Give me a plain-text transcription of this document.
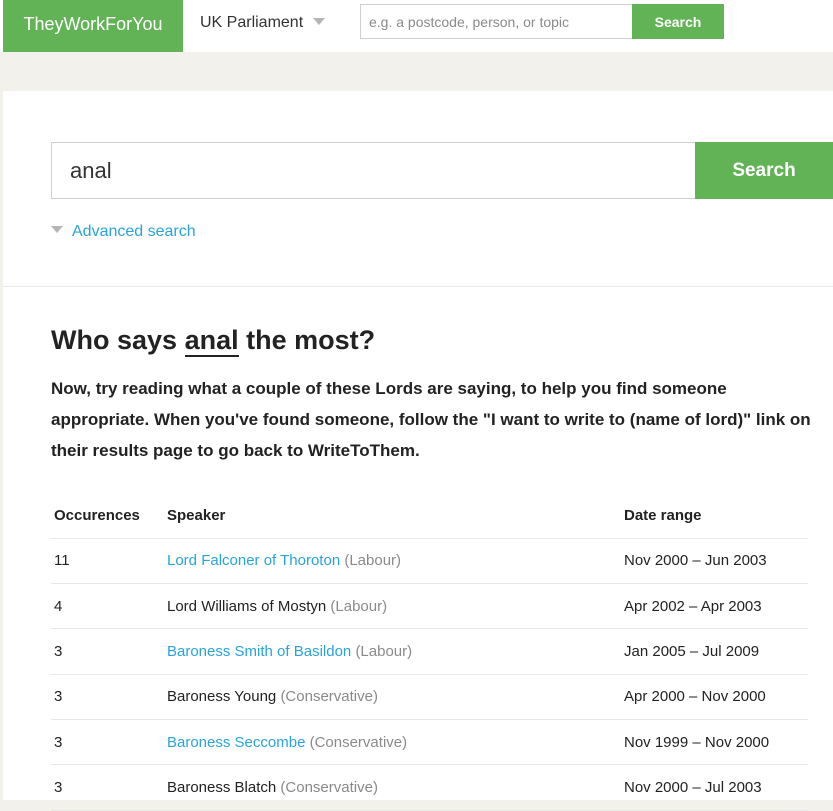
TheyWorkForYou	UK Parliament
e.g. a postcode, person, or topic	Search
anal
Search
Advanced search
Who says anal the most?

Now, try reading what a couple of these Lords are saying, to help you find someone appropriate. When you've found someone, follow the "I want to write to (name of lord)" link on their results page to go back to WriteToThem.

Occurences	Speaker	Date range
11	Lord Falconer of Thoroton (Labour)	Nov 2000 – Jun 2003
4	Lord Williams of Mostyn (Labour)	Apr 2002 – Apr 2003
3	Baroness Smith of Basildon (Labour)	Jan 2005 – Jul 2009
3	Baroness Young (Conservative)	Apr 2000 – Nov 2000
3	Baroness Seccombe (Conservative)	Nov 1999 – Nov 2000
3	Baroness Blatch (Conservative)	Nov 2000 – Jul 2003
